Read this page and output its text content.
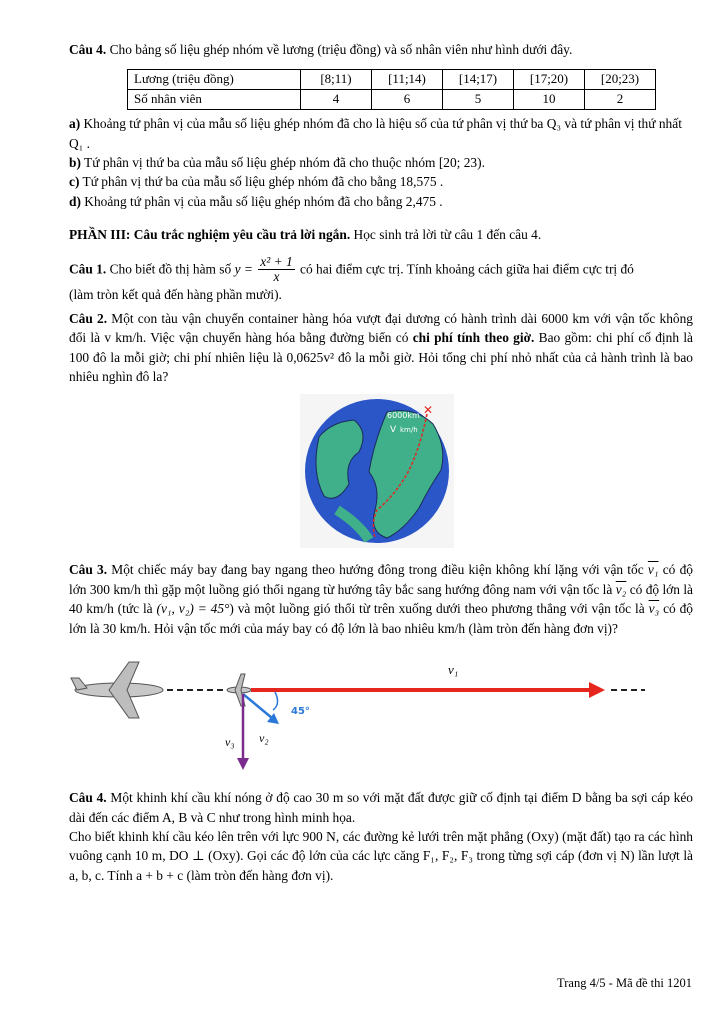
Câu 4. Cho bảng số liệu ghép nhóm về lương (triệu đồng) và số nhân viên như hình dưới đây.

Lương (triệu đồng)	[8;11)	[11;14)	[14;17)	[17;20)	[20;23)
Số nhân viên	4	6	5	10	2

a) Khoảng tứ phân vị của mẫu số liệu ghép nhóm đã cho là hiệu số của tứ phân vị thứ ba Q₃ và tứ phân vị thứ nhất Q₁ .

b) Tứ phân vị thứ ba của mẫu số liệu ghép nhóm đã cho thuộc nhóm [20; 23).

c) Tứ phân vị thứ ba của mẫu số liệu ghép nhóm đã cho bằng 18,575 .

d) Khoảng tứ phân vị của mẫu số liệu ghép nhóm đã cho bằng 2,475 .

PHẦN III: Câu trắc nghiệm yêu cầu trả lời ngắn. Học sinh trả lời từ câu 1 đến câu 4.

Câu 1. Cho biết đồ thị hàm số $y = \frac{\text{x² + 1}}{x}$ có hai điểm cực trị. Tính khoảng cách giữa hai điểm cực trị đó

(làm tròn kết quả đến hàng phần mười).

Câu 2. Một con tàu vận chuyển container hàng hóa vượt đại dương có hành trình dài 6000 km với vận tốc không đổi là v km/h. Việc vận chuyển hàng hóa bằng đường biển có chi phí tính theo giờ. Bao gồm: chi phí cố định là 100 đô la mỗi giờ; chi phí nhiên liệu là 0,0625v² đô la mỗi giờ. Hỏi tổng chi phí nhỏ nhất của cả hành trình là bao nhiêu nghìn đô la?

✕
6000km
V km/h

Câu 3. Một chiếc máy bay đang bay ngang theo hướng đông trong điều kiện không khí lặng với vận tốc v₁ có độ lớn 300 km/h thì gặp một luồng gió thổi ngang từ hướng tây bắc sang hướng đông nam với vận tốc là v₂ có độ lớn là 40 km/h (tức là (v₁, v₂) = 45°) và một luồng gió thổi từ trên xuống dưới theo phương thẳng với vận tốc là v₃ có độ lớn là 30 km/h. Hỏi vận tốc mới của máy bay có độ lớn là bao nhiêu km/h (làm tròn đến hàng đơn vị)?

v₁
45°
v₂
v₃

Câu 4. Một khinh khí cầu khí nóng ở độ cao 30 m so với mặt đất được giữ cố định tại điểm D bằng ba sợi cáp kéo dài đến các điểm A, B và C như trong hình minh họa.

Cho biết khinh khí cầu kéo lên trên với lực 900 N, các đường kẻ lưới trên mặt phẳng (Oxy) (mặt đất) tạo ra các hình vuông cạnh 10 m, DO ⊥ (Oxy). Gọi các độ lớn của các lực căng F₁, F₂, F₃ trong từng sợi cáp (đơn vị N) lần lượt là a, b, c. Tính a + b + c (làm tròn đến hàng đơn vị).

Trang 4/5 - Mã đề thi 1201
